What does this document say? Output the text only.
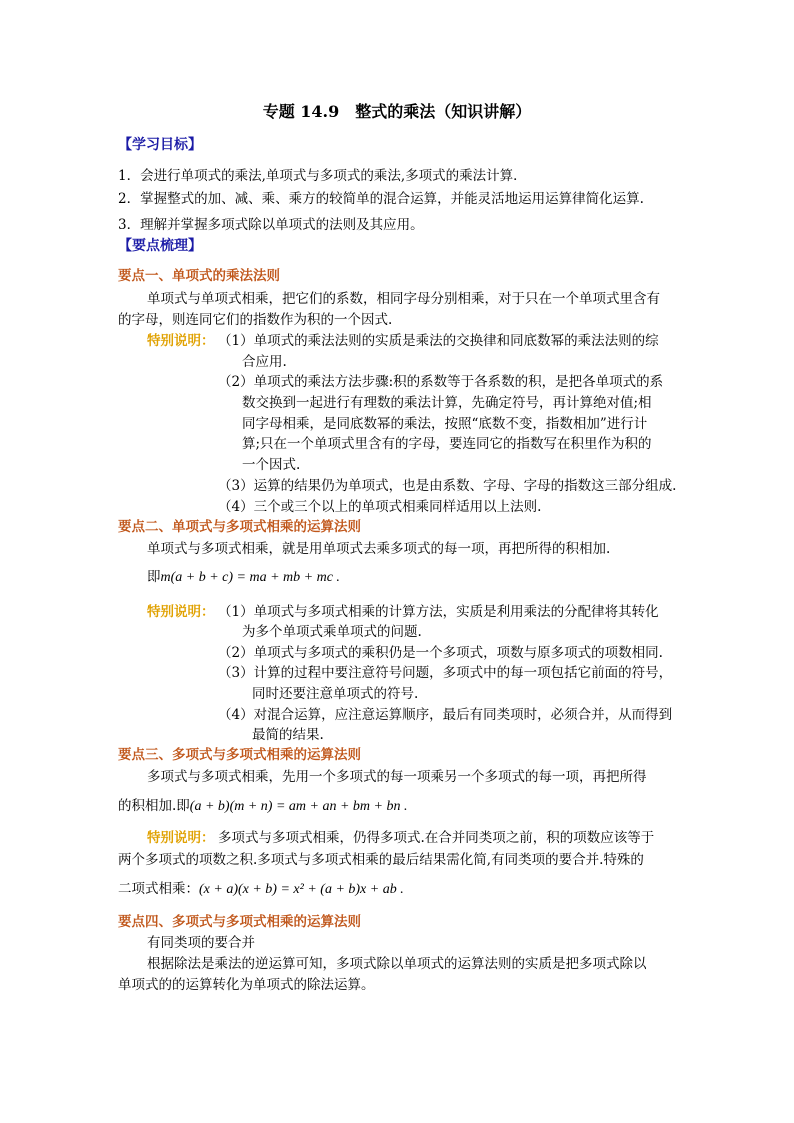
专题 14.9　整式的乘法（知识讲解）
【学习目标】
1．会进行单项式的乘法,单项式与多项式的乘法,多项式的乘法计算．
2．掌握整式的加、减、乘、乘方的较简单的混合运算，并能灵活地运用运算律简化运算.
3．理解并掌握多项式除以单项式的法则及其应用。
【要点梳理】
要点一、单项式的乘法法则
单项式与单项式相乘，把它们的系数，相同字母分别相乘，对于只在一个单项式里含有
的字母，则连同它们的指数作为积的一个因式.
特别说明： （1）单项式的乘法法则的实质是乘法的交换律和同底数幂的乘法法则的综
合应用.
（2）单项式的乘法方法步骤:积的系数等于各系数的积，是把各单项式的系
数交换到一起进行有理数的乘法计算，先确定符号，再计算绝对值;相
同字母相乘，是同底数幂的乘法，按照“底数不变，指数相加”进行计
算;只在一个单项式里含有的字母，要连同它的指数写在积里作为积的
一个因式.
（3）运算的结果仍为单项式，也是由系数、字母、字母的指数这三部分组成.
（4）三个或三个以上的单项式相乘同样适用以上法则.
要点二、单项式与多项式相乘的运算法则
单项式与多项式相乘，就是用单项式去乘多项式的每一项，再把所得的积相加.
即m(a + b + c) = ma + mb + mc .
特别说明： （1）单项式与多项式相乘的计算方法，实质是利用乘法的分配律将其转化
为多个单项式乘单项式的问题.
（2）单项式与多项式的乘积仍是一个多项式，项数与原多项式的项数相同.
（3）计算的过程中要注意符号问题，多项式中的每一项包括它前面的符号，
同时还要注意单项式的符号.
（4）对混合运算，应注意运算顺序，最后有同类项时，必须合并，从而得到
最简的结果.
要点三、多项式与多项式相乘的运算法则
多项式与多项式相乘，先用一个多项式的每一项乘另一个多项式的每一项，再把所得
的积相加.即(a + b)(m + n) = am + an + bm + bn .
特别说明： 多项式与多项式相乘，仍得多项式.在合并同类项之前，积的项数应该等于
两个多项式的项数之积.多项式与多项式相乘的最后结果需化简,有同类项的要合并.特殊的
二项式相乘：(x + a)(x + b) = x² + (a + b)x + ab .
要点四、多项式与多项式相乘的运算法则
有同类项的要合并
根据除法是乘法的逆运算可知，多项式除以单项式的运算法则的实质是把多项式除以
单项式的的运算转化为单项式的除法运算。
